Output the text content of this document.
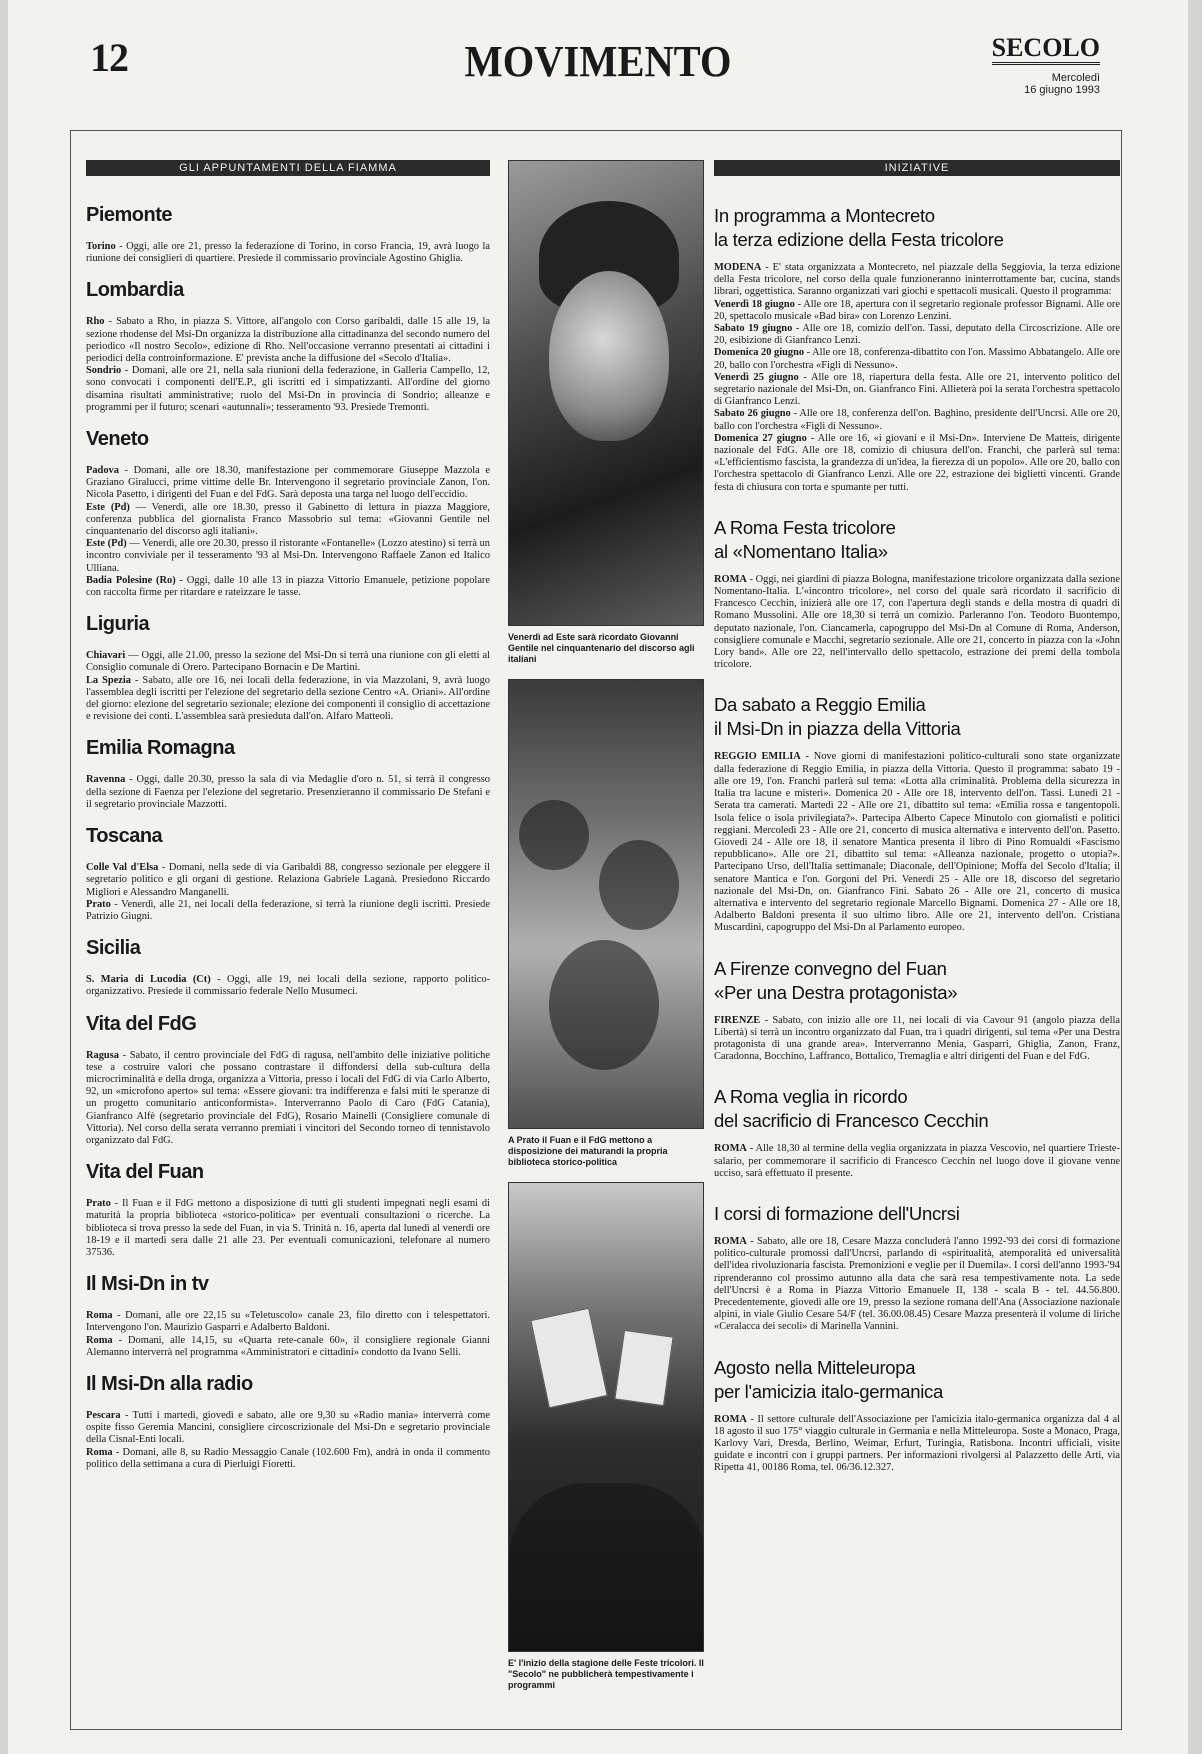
12	MOVIMENTO	SECOLO
Mercoledì
16 giugno 1993
GLI APPUNTAMENTI DELLA FIAMMA
Piemonte

Torino - Oggi, alle ore 21, presso la federazione di Torino, in corso Francia, 19, avrà luogo la riunione dei consiglieri di quartiere. Presiede il commissario provinciale Agostino Ghiglia.

Lombardia

Rho - Sabato a Rho, in piazza S. Vittore, all'angolo con Corso garibaldi, dalle 15 alle 19, la sezione rhodense del Msi-Dn organizza la distribuzione alla cittadinanza del secondo numero del periodico «Il nostro Secolo», edizione di Rho. Nell'occasione verranno presentati ai cittadini i periodici della controinformazione. E' prevista anche la diffusione del «Secolo d'Italia».

Sondrio - Domani, alle ore 21, nella sala riunioni della federazione, in Galleria Campello, 12, sono convocati i componenti dell'E.P., gli iscritti ed i simpatizzanti. All'ordine del giorno disamina risultati amministrative; ruolo del Msi-Dn in provincia di Sondrio; alleanze e programmi per il futuro; scenari «autunnali»; tesseramento '93. Presiede Tremonti.

Veneto

Padova - Domani, alle ore 18.30, manifestazione per commemorare Giuseppe Mazzola e Graziano Giralucci, prime vittime delle Br. Intervengono il segretario provinciale Zanon, l'on. Nicola Pasetto, i dirigenti del Fuan e del FdG. Sarà deposta una targa nel luogo dell'eccidio.

Este (Pd) — Venerdì, alle ore 18.30, presso il Gabinetto di lettura in piazza Maggiore, conferenza pubblica del giornalista Franco Massobrio sul tema: «Giovanni Gentile nel cinquantenario del discorso agli italiani».

Este (Pd) — Venerdì, alle ore 20.30, presso il ristorante «Fontanelle» (Lozzo atestino) si terrà un incontro conviviale per il tesseramento '93 al Msi-Dn. Intervengono Raffaele Zanon ed Italico Ulliana.

Badia Polesine (Ro) - Oggi, dalle 10 alle 13 in piazza Vittorio Emanuele, petizione popolare con raccolta firme per ritardare e rateizzare le tasse.

Liguria

Chiavari — Oggi, alle 21.00, presso la sezione del Msi-Dn si terrà una riunione con gli eletti al Consiglio comunale di Orero. Partecipano Bornacin e De Martini.

La Spezia - Sabato, alle ore 16, nei locali della federazione, in via Mazzolani, 9, avrà luogo l'assemblea degli iscritti per l'elezione del segretario della sezione Centro «A. Oriani». All'ordine del giorno: elezione del segretario sezionale; elezione dei componenti il consiglio di accettazione e revisione dei conti. L'assemblea sarà presieduta dall'on. Alfaro Matteoli.

Emilia Romagna

Ravenna - Oggi, dalle 20.30, presso la sala di via Medaglie d'oro n. 51, si terrà il congresso della sezione di Faenza per l'elezione del segretario. Presenzieranno il commissario De Stefani e il segretario provinciale Mazzotti.

Toscana

Colle Val d'Elsa - Domani, nella sede di via Garibaldi 88, congresso sezionale per eleggere il segretario politico e gli organi di gestione. Relaziona Gabriele Laganà. Presiedono Riccardo Migliori e Alessandro Manganelli.

Prato - Venerdì, alle 21, nei locali della federazione, si terrà la riunione degli iscritti. Presiede Patrizio Giugni.

Sicilia

S. Maria di Lucodia (Ct) - Oggi, alle 19, nei locali della sezione, rapporto politico-organizzativo. Presiede il commissario federale Nello Musumeci.

Vita del FdG

Ragusa - Sabato, il centro provinciale del FdG di ragusa, nell'ambito delle iniziative politiche tese a costruire valori che possano contrastare il diffondersi della sub-cultura della microcriminalità e della droga, organizza a Vittoria, presso i locali del FdG di via Carlo Alberto, 92, un «microfono aperto» sul tema: «Essere giovani: tra indifferenza e falsi miti le speranze di un progetto comunitario anticonformista». Interverranno Paolo di Caro (FdG Catania), Gianfranco Alfè (segretario provinciale del FdG), Rosario Mainelli (Consigliere comunale di Vittoria). Nel corso della serata verranno premiati i vincitori del Secondo torneo di tennistavolo organizzato dal FdG.

Vita del Fuan

Prato - Il Fuan e il FdG mettono a disposizione di tutti gli studenti impegnati negli esami di maturità la propria biblioteca «storico-politica» per eventuali consultazioni o ricerche. La biblioteca si trova presso la sede del Fuan, in via S. Trinità n. 16, aperta dal lunedì al venerdì ore 18-19 e il martedì sera dalle 21 alle 23. Per eventuali comunicazioni, telefonare al numero 37536.

Il Msi-Dn in tv

Roma - Domani, alle ore 22,15 su «Teletuscolo» canale 23, filo diretto con i telespettatori. Intervengono l'on. Maurizio Gasparri e Adalberto Baldoni.

Roma - Domani, alle 14,15, su «Quarta rete-canale 60», il consigliere regionale Gianni Alemanno interverrà nel programma «Amministratori e cittadini» condotto da Ivano Selli.

Il Msi-Dn alla radio

Pescara - Tutti i martedì, giovedì e sabato, alle ore 9,30 su «Radio mania» interverrà come ospite fisso Geremia Mancini, consigliere circoscrizionale del Msi-Dn e segretario provinciale della Cisnal-Enti locali.

Roma - Domani, alle 8, su Radio Messaggio Canale (102.600 Fm), andrà in onda il commento politico della settimana a cura di Pierluigi Fioretti.

Venerdì ad Este sarà ricordato Giovanni Gentile nel cinquantenario del discorso agli italiani
A Prato il Fuan e il FdG mettono a disposizione dei maturandi la propria biblioteca storico-politica
E' l'inizio della stagione delle Feste tricolori. Il "Secolo" ne pubblicherà tempestivamente i programmi
INIZIATIVE
In programma a Montecreto
la terza edizione della Festa tricolore

MODENA - E' stata organizzata a Montecreto, nel piazzale della Seggiovia, la terza edizione della Festa tricolore, nel corso della quale funzioneranno ininterrottamente bar, cucina, stands librari, oggettistica. Saranno organizzati vari giochi e spettacoli musicali. Questo il programma:

Venerdì 18 giugno - Alle ore 18, apertura con il segretario regionale professor Bignami. Alle ore 20, spettacolo musicale «Bad bira» con Lorenzo Lenzini.

Sabato 19 giugno - Alle ore 18, comizio dell'on. Tassi, deputato della Circoscrizione. Alle ore 20, esibizione di Gianfranco Lenzi.

Domenica 20 giugno - Alle ore 18, conferenza-dibattito con l'on. Massimo Abbatangelo. Alle ore 20, ballo con l'orchestra «Figli di Nessuno».

Venerdì 25 giugno - Alle ore 18, riapertura della festa. Alle ore 21, intervento politico del segretario nazionale del Msi-Dn, on. Gianfranco Fini. Allieterà poi la serata l'orchestra spettacolo di Gianfranco Lenzi.

Sabato 26 giugno - Alle ore 18, conferenza dell'on. Baghino, presidente dell'Uncrsi. Alle ore 20, ballo con l'orchestra «Figli di Nessuno».

Domenica 27 giugno - Alle ore 16, «i giovani e il Msi-Dn». Interviene De Matteis, dirigente nazionale del FdG. Alle ore 18, comizio di chiusura dell'on. Franchi, che parlerà sul tema: «L'efficientismo fascista, la grandezza di un'idea, la fierezza di un popolo». Alle ore 20, ballo con l'orchestra spettacolo di Gianfranco Lenzi. Alle ore 22, estrazione dei biglietti vincenti. Grande festa di chiusura con torta e spumante per tutti.

A Roma Festa tricolore
al «Nomentano Italia»

ROMA - Oggi, nei giardini di piazza Bologna, manifestazione tricolore organizzata dalla sezione Nomentano-Italia. L'«incontro tricolore», nel corso del quale sarà ricordato il sacrificio di Francesco Cecchin, inizierà alle ore 17, con l'apertura degli stands e della mostra di quadri di Romano Mussolini. Alle ore 18,30 si terrà un comizio. Parleranno l'on. Teodoro Buontempo, deputato nazionale, l'on. Ciancamerla, capogruppo del Msi-Dn al Comune di Roma, Anderson, consigliere comunale e Macchi, segretario sezionale. Alle ore 21, concerto in piazza con la «John Lory band». Alle ore 22, nell'intervallo dello spettacolo, estrazione dei premi della tombola tricolore.

Da sabato a Reggio Emilia
il Msi-Dn in piazza della Vittoria

REGGIO EMILIA - Nove giorni di manifestazioni politico-culturali sono state organizzate dalla federazione di Reggio Emilia, in piazza della Vittoria. Questo il programma: sabato 19 - alle ore 19, l'on. Franchi parlerà sul tema: «Lotta alla criminalità. Problema della sicurezza in Italia tra lacune e misteri». Domenica 20 - Alle ore 18, intervento dell'on. Tassi. Lunedì 21 - Serata tra camerati. Martedì 22 - Alle ore 21, dibattito sul tema: «Emilia rossa e tangentopoli. Isola felice o isola privilegiata?». Partecipa Alberto Capece Minutolo con giornalisti e politici reggiani. Mercoledì 23 - Alle ore 21, concerto di musica alternativa e intervento dell'on. Pasetto. Giovedì 24 - Alle ore 18, il senatore Mantica presenta il libro di Pino Romualdi «Fascismo repubblicano». Alle ore 21, dibattito sul tema: «Alleanza nazionale, progetto o utopia?». Partecipano Urso, dell'Italia settimanale; Diaconale, dell'Opinione; Moffa del Secolo d'Italia; il senatore Mantica e l'on. Gorgoni del Pri. Venerdì 25 - Alle ore 18, discorso del segretario nazionale del Msi-Dn, on. Gianfranco Fini. Sabato 26 - Alle ore 21, concerto di musica alternativa e intervento del segretario regionale Marcello Bignami. Domenica 27 - Alle ore 18, Adalberto Baldoni presenta il suo ultimo libro. Alle ore 21, intervento dell'on. Cristiana Muscardini, capogruppo del Msi-Dn al Parlamento europeo.

A Firenze convegno del Fuan
«Per una Destra protagonista»

FIRENZE - Sabato, con inizio alle ore 11, nei locali di via Cavour 91 (angolo piazza della Libertà) si terrà un incontro organizzato dal Fuan, tra i quadri dirigenti, sul tema «Per una Destra protagonista di una grande area». Interverranno Menia, Gasparri, Ghiglia, Zanon, Franz, Caradonna, Bocchino, Laffranco, Bottalico, Tremaglia e altri dirigenti del Fuan e del FdG.

A Roma veglia in ricordo
del sacrificio di Francesco Cecchin

ROMA - Alle 18,30 al termine della veglia organizzata in piazza Vescovio, nel quartiere Trieste-salario, per commemorare il sacrificio di Francesco Cecchin nel luogo dove il giovane venne ucciso, sarà effettuato il presente.

I corsi di formazione dell'Uncrsi

ROMA - Sabato, alle ore 18, Cesare Mazza concluderà l'anno 1992-'93 dei corsi di formazione politico-culturale promossi dall'Uncrsi, parlando di «spiritualità, atemporalità ed universalità dell'idea rivoluzionaria fascista. Premonizioni e veglie per il Duemila». I corsi dell'anno 1993-'94 riprenderanno col prossimo autunno alla data che sarà resa tempestivamente nota. La sede dell'Uncrsi è a Roma in Piazza Vittorio Emanuele II, 138 - scala B - tel. 44.56.800. Precedentemente, giovedì alle ore 19, presso la sezione romana dell'Ana (Associazione nazionale alpini, in viale Giulio Cesare 54/F (tel. 36.00.08.45) Cesare Mazza presenterà il volume di liriche «Ceralacca dei secoli» di Marinella Vannini.

Agosto nella Mitteleuropa
per l'amicizia italo-germanica

ROMA - Il settore culturale dell'Associazione per l'amicizia italo-germanica organizza dal 4 al 18 agosto il suo 175° viaggio culturale in Germania e nella Mitteleuropa. Soste a Monaco, Praga, Karlovy Vari, Dresda, Berlino, Weimar, Erfurt, Turingia, Ratisbona. Incontri ufficiali, visite guidate e incontri con i gruppi partners. Per informazioni rivolgersi al Palazzetto delle Arti, via Ripetta 41, 00186 Roma, tel. 06/36.12.327.
